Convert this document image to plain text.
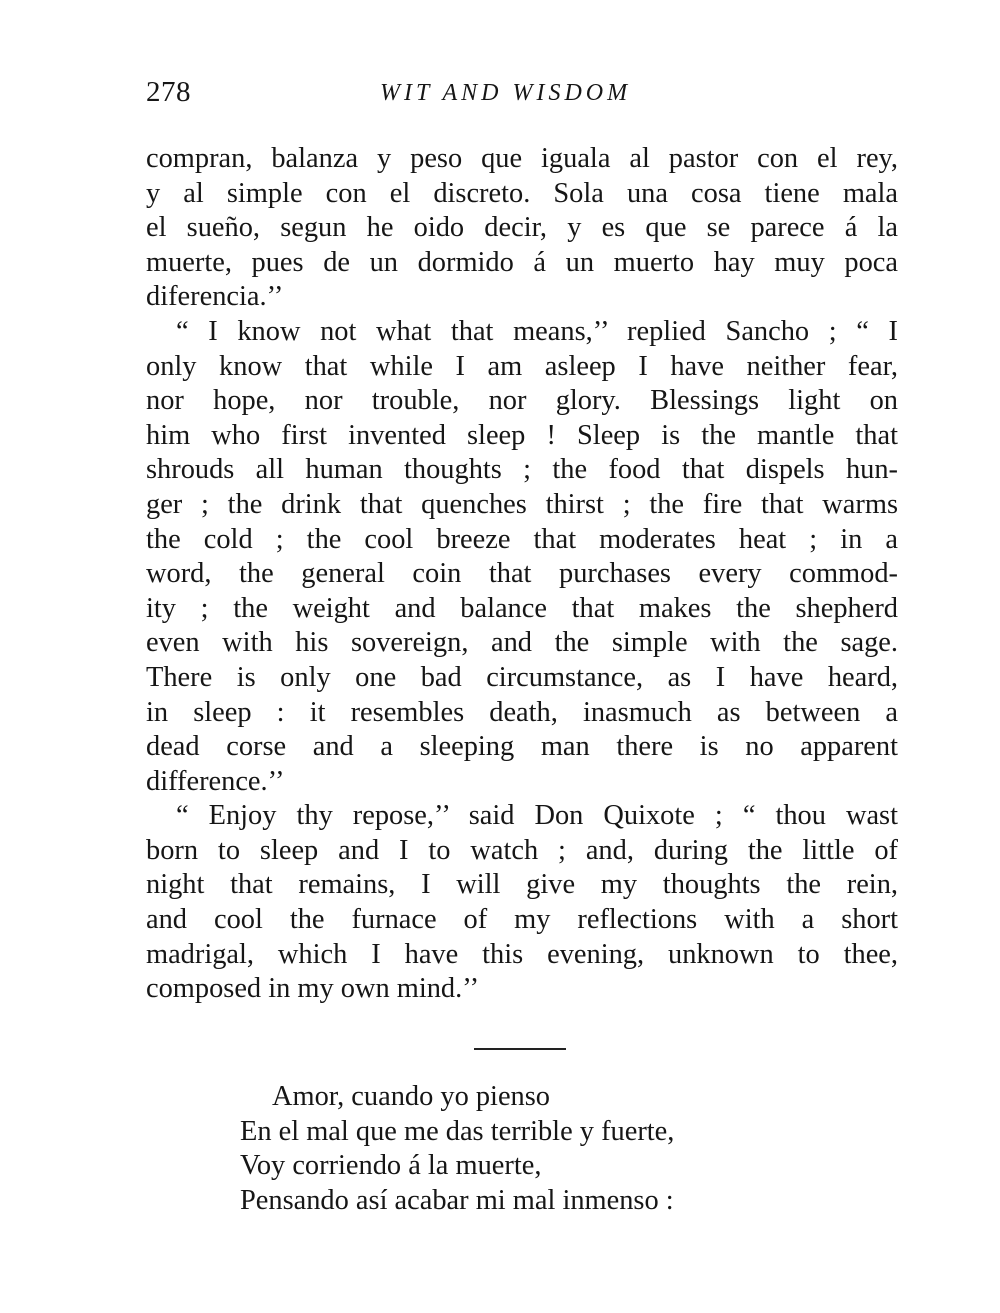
278	WIT AND WISDOM
compran, balanza y peso que iguala al pastor con el rey,
y al simple con el discreto. Sola una cosa tiene mala
el sueño, segun he oido decir, y es que se parece á la
muerte, pues de un dormido á un muerto hay muy poca
diferencia.’’
“ I know not what that means,’’ replied Sancho ; “ I
only know that while I am asleep I have neither fear,
nor hope, nor trouble, nor glory. Blessings light on
him who first invented sleep ! Sleep is the mantle that
shrouds all human thoughts ; the food that dispels hun-
ger ; the drink that quenches thirst ; the fire that warms
the cold ; the cool breeze that moderates heat ; in a
word, the general coin that purchases every commod-
ity ; the weight and balance that makes the shepherd
even with his sovereign, and the simple with the sage.
There is only one bad circumstance, as I have heard,
in sleep : it resembles death, inasmuch as between a
dead corse and a sleeping man there is no apparent
difference.’’
“ Enjoy thy repose,’’ said Don Quixote ; “ thou wast
born to sleep and I to watch ; and, during the little of
night that remains, I will give my thoughts the rein,
and cool the furnace of my reflections with a short
madrigal, which I have this evening, unknown to thee,
composed in my own mind.’’
Amor, cuando yo pienso
En el mal que me das terrible y fuerte,
Voy corriendo á la muerte,
Pensando así acabar mi mal inmenso :
